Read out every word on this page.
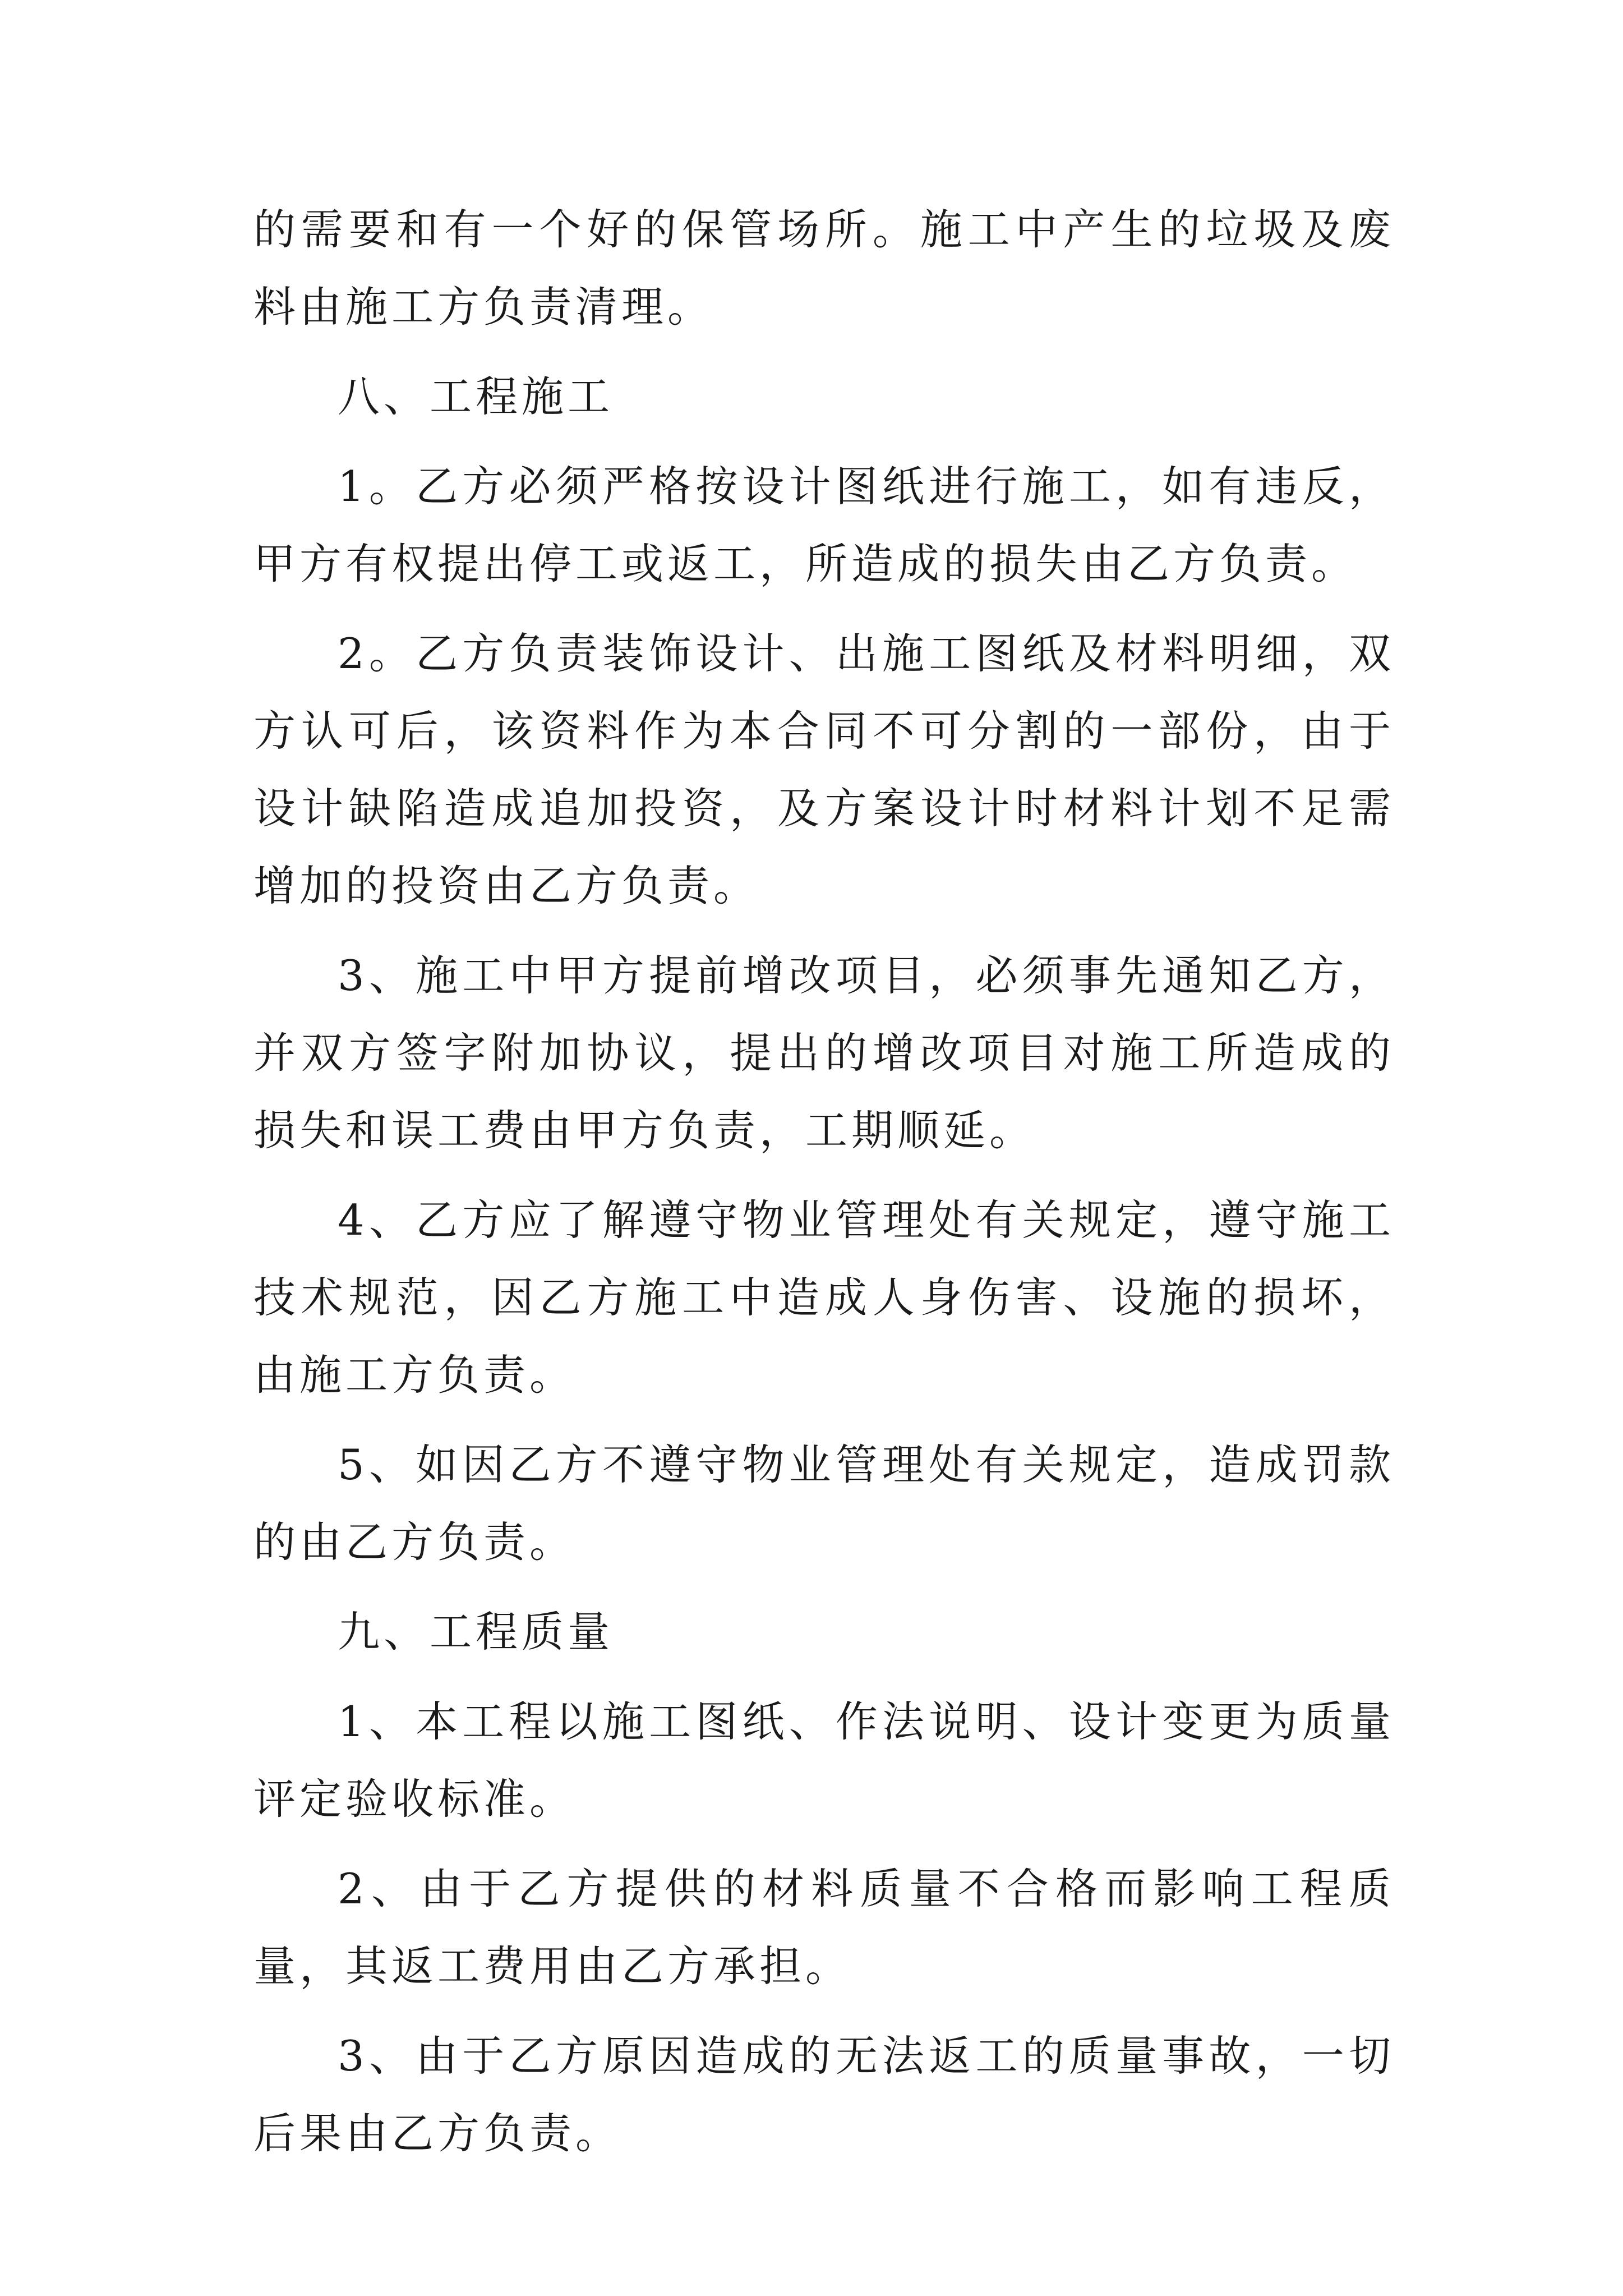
的需要和有一个好的保管场所。施工中产生的垃圾及废料由施工方负责清理。

八、工程施工

1。乙方必须严格按设计图纸进行施工，如有违反，甲方有权提出停工或返工，所造成的损失由乙方负责。

2。乙方负责装饰设计、出施工图纸及材料明细，双方认可后，该资料作为本合同不可分割的一部份，由于设计缺陷造成追加投资，及方案设计时材料计划不足需增加的投资由乙方负责。

3、施工中甲方提前增改项目，必须事先通知乙方，并双方签字附加协议，提出的增改项目对施工所造成的损失和误工费由甲方负责，工期顺延。

4、乙方应了解遵守物业管理处有关规定，遵守施工技术规范，因乙方施工中造成人身伤害、设施的损坏，由施工方负责。

5、如因乙方不遵守物业管理处有关规定，造成罚款的由乙方负责。

九、工程质量

1、本工程以施工图纸、作法说明、设计变更为质量评定验收标准。

2、由于乙方提供的材料质量不合格而影响工程质量，其返工费用由乙方承担。

3、由于乙方原因造成的无法返工的质量事故，一切后果由乙方负责。
